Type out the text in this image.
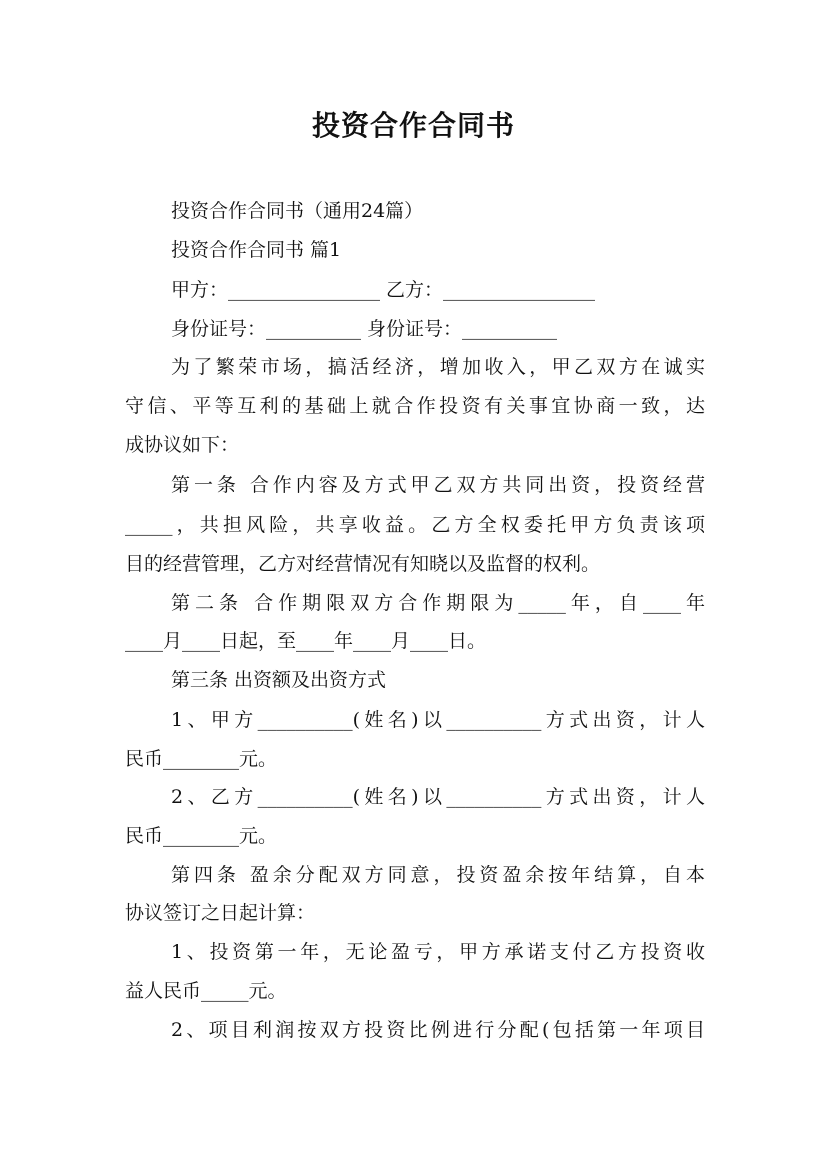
投资合作合同书
投资合作合同书（通用24篇）
投资合作合同书 篇1
甲方：________________ 乙方：________________
身份证号：__________ 身份证号：__________
为了繁荣市场，搞活经济，增加收入，甲乙双方在诚实
守信、平等互利的基础上就合作投资有关事宜协商一致，达
成协议如下：
第一条 合作内容及方式甲乙双方共同出资，投资经营
_____，共担风险，共享收益。乙方全权委托甲方负责该项
目的经营管理，乙方对经营情况有知晓以及监督的权利。
第二条 合作期限双方合作期限为_____年，自____年
____月____日起，至____年____月____日。
第三条 出资额及出资方式
1、甲方__________(姓名)以__________方式出资，计人
民币________元。
2、乙方__________(姓名)以__________方式出资，计人
民币________元。
第四条 盈余分配双方同意，投资盈余按年结算，自本
协议签订之日起计算：
1、投资第一年，无论盈亏，甲方承诺支付乙方投资收
益人民币_____元。
2、项目利润按双方投资比例进行分配(包括第一年项目
